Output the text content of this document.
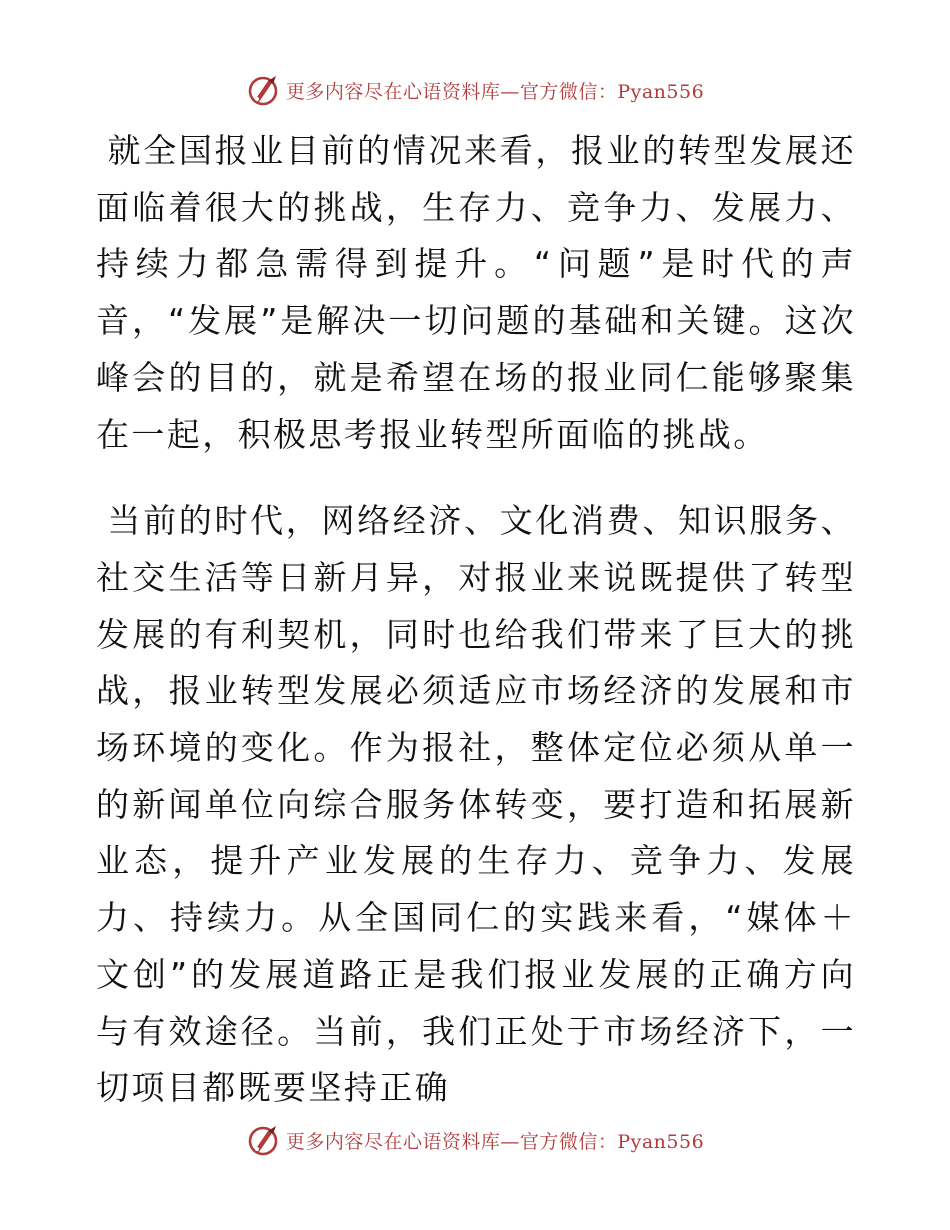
更多内容尽在心语资料库—官方微信：Pyan556

就全国报业目前的情况来看，报业的转型发展还面临着很大的挑战，生存力、竞争力、发展力、持续力都急需得到提升。“问题”是时代的声音，“发展”是解决一切问题的基础和关键。这次峰会的目的，就是希望在场的报业同仁能够聚集在一起，积极思考报业转型所面临的挑战。

当前的时代，网络经济、文化消费、知识服务、社交生活等日新月异，对报业来说既提供了转型发展的有利契机，同时也给我们带来了巨大的挑战，报业转型发展必须适应市场经济的发展和市场环境的变化。作为报社，整体定位必须从单一的新闻单位向综合服务体转变，要打造和拓展新业态，提升产业发展的生存力、竞争力、发展力、持续力。从全国同仁的实践来看，“媒体＋文创”的发展道路正是我们报业发展的正确方向与有效途径。当前，我们正处于市场经济下，一切项目都既要坚持正确

更多内容尽在心语资料库—官方微信：Pyan556
